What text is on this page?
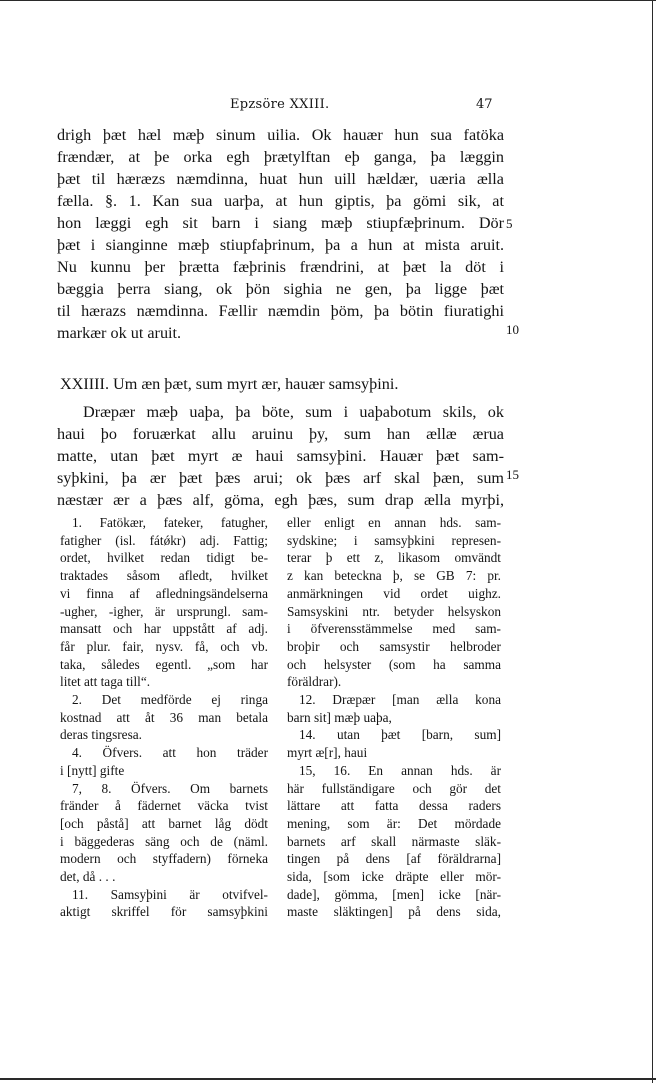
Epzsöre XXIII.	47
drigh þæt hæl mæþ sinum uilia. Ok hauær hun sua fatöka
frændær, at þe orka egh þrætylftan eþ ganga, þa læggin
þæt til hæræzs næmdinna, huat hun uill hældær, uæria ælla
fælla. §. 1. Kan sua uarþa, at hun giptis, þa gömi sik, at
hon læggi egh sit barn i siang mæþ stiupfæþrinum. Dör
þæt i sianginne mæþ stiupfaþrinum, þa a hun at mista aruit.
Nu kunnu þer þrætta fæþrinis frændrini, at þæt la döt i
bæggia þerra siang, ok þön sighia ne gen, þa ligge þæt
til hærazs næmdinna. Fællir næmdin þöm, þa bötin fiuratighi
markær ok ut aruit.
5
10
15
XXIIII. Um æn þæt, sum myrt ær, hauær samsyþini.
Dræpær mæþ uaþa, þa böte, sum i uaþabotum skils, ok
haui þo foruærkat allu aruinu þy, sum han ællæ ærua
matte, utan þæt myrt æ haui samsyþini. Hauær þæt sam-
syþkini, þa ær þæt þæs arui; ok þæs arf skal þæn, sum
næstær ær a þæs alf, göma, egh þæs, sum drap ælla myrþi,
1. Fatökær, fateker, fatugher,
fatigher (isl. fátǿkr) adj. Fattig;
ordet, hvilket redan tidigt be-
traktades såsom afledt, hvilket
vi finna af afledningsändelserna
-ugher, -igher, är ursprungl. sam-
mansatt och har uppstått af adj.
får plur. fair, nysv. få, och vb.
taka, således egentl. „som har
litet att taga till“.
2. Det medförde ej ringa
kostnad att åt 36 man betala
deras tingsresa.
4. Öfvers. att hon träder
i [nytt] gifte
7, 8. Öfvers. Om barnets
fränder å fädernet väcka tvist
[och påstå] att barnet låg dödt
i bäggederas säng och de (näml.
modern och styffadern) förneka
det, då . . .
11. Samsyþini är otvifvel-
aktigt skriffel för samsyþkini
eller enligt en annan hds. sam-
sydskine; i samsyþkini represen-
terar þ ett z, likasom omvändt
z kan beteckna þ, se GB 7: pr.
anmärkningen vid ordet uighz.
Samsyskini ntr. betyder helsyskon
i öfverensstämmelse med sam-
broþir och samsystir helbroder
och helsyster (som ha samma
föräldrar).
12. Dræpær [man ælla kona
barn sit] mæþ uaþa,
14. utan þæt [barn, sum]
myrt æ[r], haui
15, 16. En annan hds. är
här fullständigare och gör det
lättare att fatta dessa raders
mening, som är: Det mördade
barnets arf skall närmaste släk-
tingen på dens [af föräldrarna]
sida, [som icke dräpte eller mör-
dade], gömma, [men] icke [när-
maste släktingen] på dens sida,
